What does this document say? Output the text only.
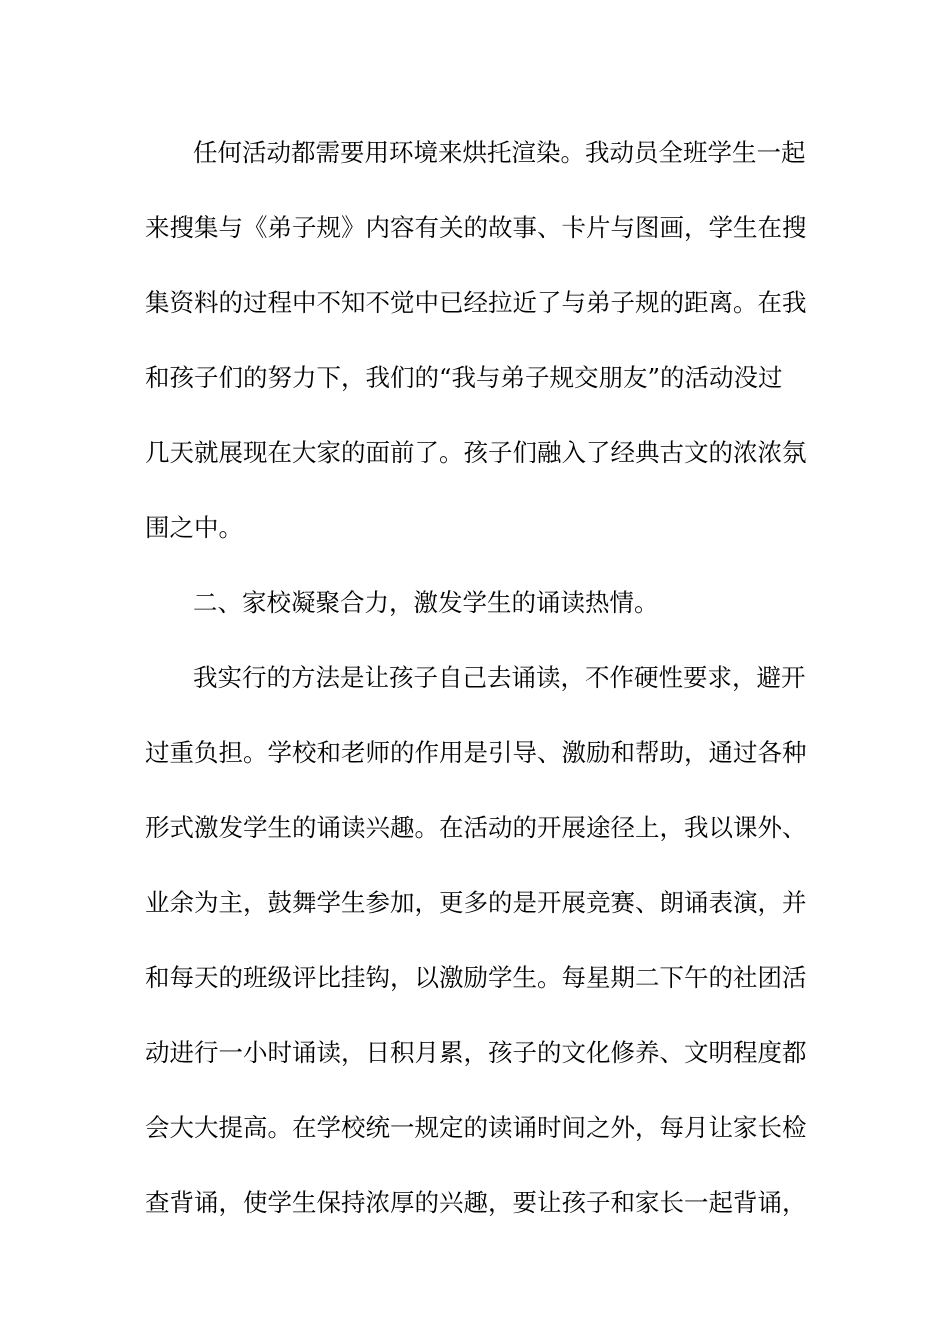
任何活动都需要用环境来烘托渲染。我动员全班学生一起
来搜集与《弟子规》内容有关的故事、卡片与图画，学生在搜
集资料的过程中不知不觉中已经拉近了与弟子规的距离。在我
和孩子们的努力下，我们的“我与弟子规交朋友”的活动没过
几天就展现在大家的面前了。孩子们融入了经典古文的浓浓氛
围之中。
二、家校凝聚合力，激发学生的诵读热情。
我实行的方法是让孩子自己去诵读，不作硬性要求，避开
过重负担。学校和老师的作用是引导、激励和帮助，通过各种
形式激发学生的诵读兴趣。在活动的开展途径上，我以课外、
业余为主，鼓舞学生参加，更多的是开展竞赛、朗诵表演，并
和每天的班级评比挂钩，以激励学生。每星期二下午的社团活
动进行一小时诵读，日积月累，孩子的文化修养、文明程度都
会大大提高。在学校统一规定的读诵时间之外，每月让家长检
查背诵，使学生保持浓厚的兴趣，要让孩子和家长一起背诵，
